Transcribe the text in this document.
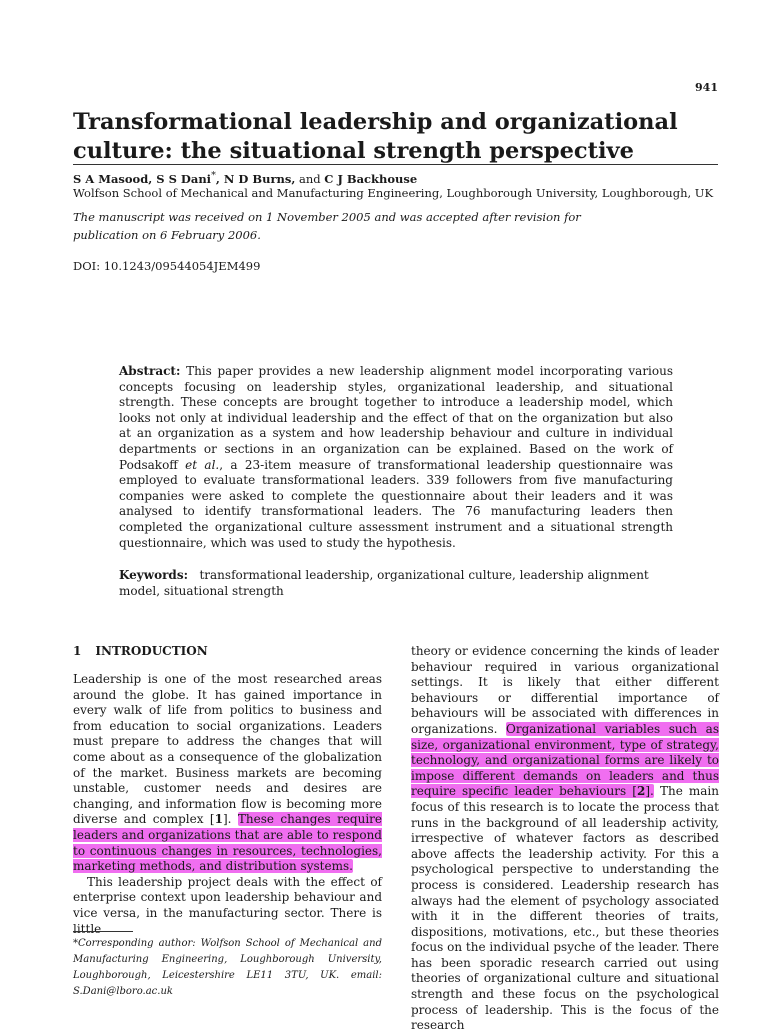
941
Transformational leadership and organizational culture: the situational strength perspective
S A Masood, S S Dani*, N D Burns, and C J Backhouse
Wolfson School of Mechanical and Manufacturing Engineering, Loughborough University, Loughborough, UK
The manuscript was received on 1 November 2005 and was accepted after revision for publication on 6 February 2006.
DOI: 10.1243/09544054JEM499
Abstract: This paper provides a new leadership alignment model incorporating various concepts focusing on leadership styles, organizational leadership, and situational strength. These concepts are brought together to introduce a leadership model, which looks not only at individual leadership and the effect of that on the organization but also at an organization as a system and how leadership behaviour and culture in individual departments or sections in an organization can be explained. Based on the work of Podsakoff et al., a 23-item measure of transformational leadership questionnaire was employed to evaluate transformational leaders. 339 followers from five manufacturing companies were asked to complete the questionnaire about their leaders and it was analysed to identify transformational leaders. The 76 manufacturing leaders then completed the organizational culture assessment instrument and a situational strength questionnaire, which was used to study the hypothesis.
Keywords: transformational leadership, organizational culture, leadership alignment model, situational strength
1 INTRODUCTION

Leadership is one of the most researched areas around the globe. It has gained importance in every walk of life from politics to business and from education to social organizations. Leaders must prepare to address the changes that will come about as a consequence of the globalization of the market. Business markets are becoming unstable, customer needs and desires are changing, and information flow is becoming more diverse and complex [1]. These changes require leaders and organizations that are able to respond to continuous changes in resources, technologies, marketing methods, and distribution systems.

This leadership project deals with the effect of enterprise context upon leadership behaviour and vice versa, in the manufacturing sector. There is little

theory or evidence concerning the kinds of leader behaviour required in various organizational settings. It is likely that either different behaviours or differential importance of behaviours will be associated with differences in organizations. Organizational variables such as size, organizational environment, type of strategy, technology, and organizational forms are likely to impose different demands on leaders and thus require specific leader behaviours [2]. The main focus of this research is to locate the process that runs in the background of all leadership activity, irrespective of whatever factors as described above affects the leadership activity. For this a psychological perspective to understanding the process is considered. Leadership research has always had the element of psychology associated with it in the different theories of traits, dispositions, motivations, etc., but these theories focus on the individual psyche of the leader. There has been sporadic research carried out using theories of organizational culture and situational strength and these focus on the psychological process of leadership. This is the focus of the research

*Corresponding author: Wolfson School of Mechanical and Manufacturing Engineering, Loughborough University, Loughborough, Leicestershire LE11 3TU, UK. email: S.Dani@lboro.ac.uk
